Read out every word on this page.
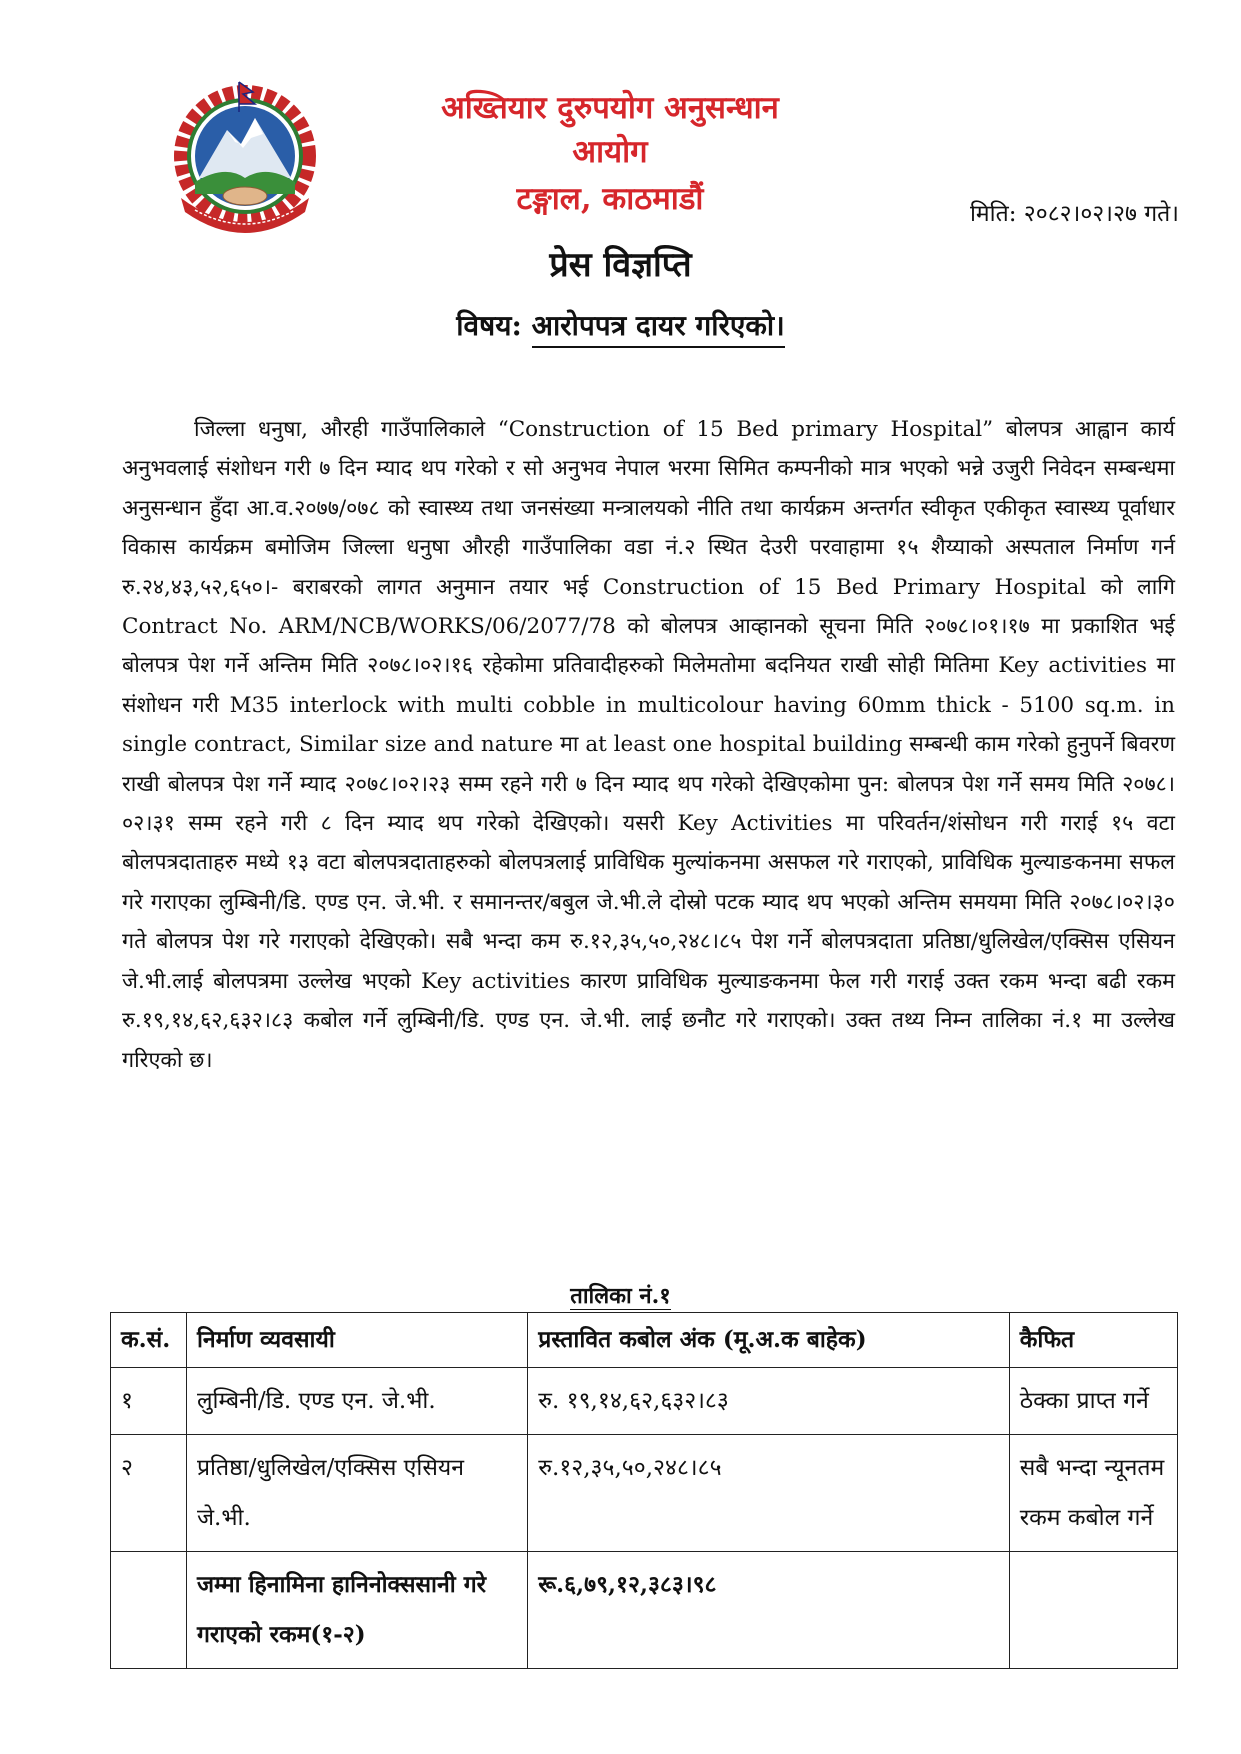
अख्तियार दुरुपयोग अनुसन्धान आयोग
टङ्गाल, काठमाडौं	मिति: २०८२।०२।२७ गते।
प्रेस विज्ञप्ति
विषय: आरोपपत्र दायर गरिएको।
जिल्ला धनुषा, औरही गाउँपालिकाले “Construction of 15 Bed primary Hospital” बोलपत्र आह्वान कार्य अनुभवलाई संशोधन गरी ७ दिन म्याद थप गरेको र सो अनुभव नेपाल भरमा सिमित कम्पनीको मात्र भएको भन्ने उजुरी निवेदन सम्बन्धमा अनुसन्धान हुँदा आ.व.२०७७/०७८ को स्वास्थ्य तथा जनसंख्या मन्त्रालयको नीति तथा कार्यक्रम अन्तर्गत स्वीकृत एकीकृत स्वास्थ्य पूर्वाधार विकास कार्यक्रम बमोजिम जिल्ला धनुषा औरही गाउँपालिका वडा नं.२ स्थित देउरी परवाहामा १५ शैय्याको अस्पताल निर्माण गर्न रु.२४,४३,५२,६५०।- बराबरको लागत अनुमान तयार भई Construction of 15 Bed Primary Hospital को लागि Contract No. ARM/NCB/WORKS/06/2077/78 को बोलपत्र आव्हानको सूचना मिति २०७८।०१।१७ मा प्रकाशित भई बोलपत्र पेश गर्ने अन्तिम मिति २०७८।०२।१६ रहेकोमा प्रतिवादीहरुको मिलेमतोमा बदनियत राखी सोही मितिमा Key activities मा संशोधन गरी M35 interlock with multi cobble in multicolour having 60mm thick - 5100 sq.m. in single contract, Similar size and nature मा at least one hospital building सम्बन्धी काम गरेको हुनुपर्ने बिवरण राखी बोलपत्र पेश गर्ने म्याद २०७८।०२।२३ सम्म रहने गरी ७ दिन म्याद थप गरेको देखिएकोमा पुन: बोलपत्र पेश गर्ने समय मिति २०७८।०२।३१ सम्म रहने गरी ८ दिन म्याद थप गरेको देखिएको। यसरी Key Activities मा परिवर्तन/शंसोधन गरी गराई १५ वटा बोलपत्रदाताहरु मध्ये १३ वटा बोलपत्रदाताहरुको बोलपत्रलाई प्राविधिक मुल्यांकनमा असफल गरे गराएको, प्राविधिक मुल्याङकनमा सफल गरे गराएका लुम्बिनी/डि. एण्ड एन. जे.भी. र समानन्तर/बबुल जे.भी.ले दोस्रो पटक म्याद थप भएको अन्तिम समयमा मिति २०७८।०२।३० गते बोलपत्र पेश गरे गराएको देखिएको। सबै भन्दा कम रु.१२,३५,५०,२४८।८५ पेश गर्ने बोलपत्रदाता प्रतिष्ठा/धुलिखेल/एक्सिस एसियन जे.भी.लाई बोलपत्रमा उल्लेख भएको Key activities कारण प्राविधिक मुल्याङकनमा फेल गरी गराई उक्त रकम भन्दा बढी रकम रु.१९,१४,६२,६३२।८३ कबोल गर्ने लुम्बिनी/डि. एण्ड एन. जे.भी. लाई छनौट गरे गराएको। उक्त तथ्य निम्न तालिका नं.१ मा उल्लेख गरिएको छ।
तालिका नं.१
क.सं.	निर्माण व्यवसायी	प्रस्तावित कबोल अंक (मू.अ.क बाहेक)	कैफित
१	लुम्बिनी/डि. एण्ड एन. जे.भी.	रु. १९,१४,६२,६३२।८३	ठेक्का प्राप्त गर्ने
२	प्रतिष्ठा/धुलिखेल/एक्सिस एसियन जे.भी.	रु.१२,३५,५०,२४८।८५	सबै भन्दा न्यूनतम रकम कबोल गर्ने
	जम्मा हिनामिना हानिनोक्ससानी गरे गराएको रकम(१-२)	रू.६,७९,१२,३८३।९८	
